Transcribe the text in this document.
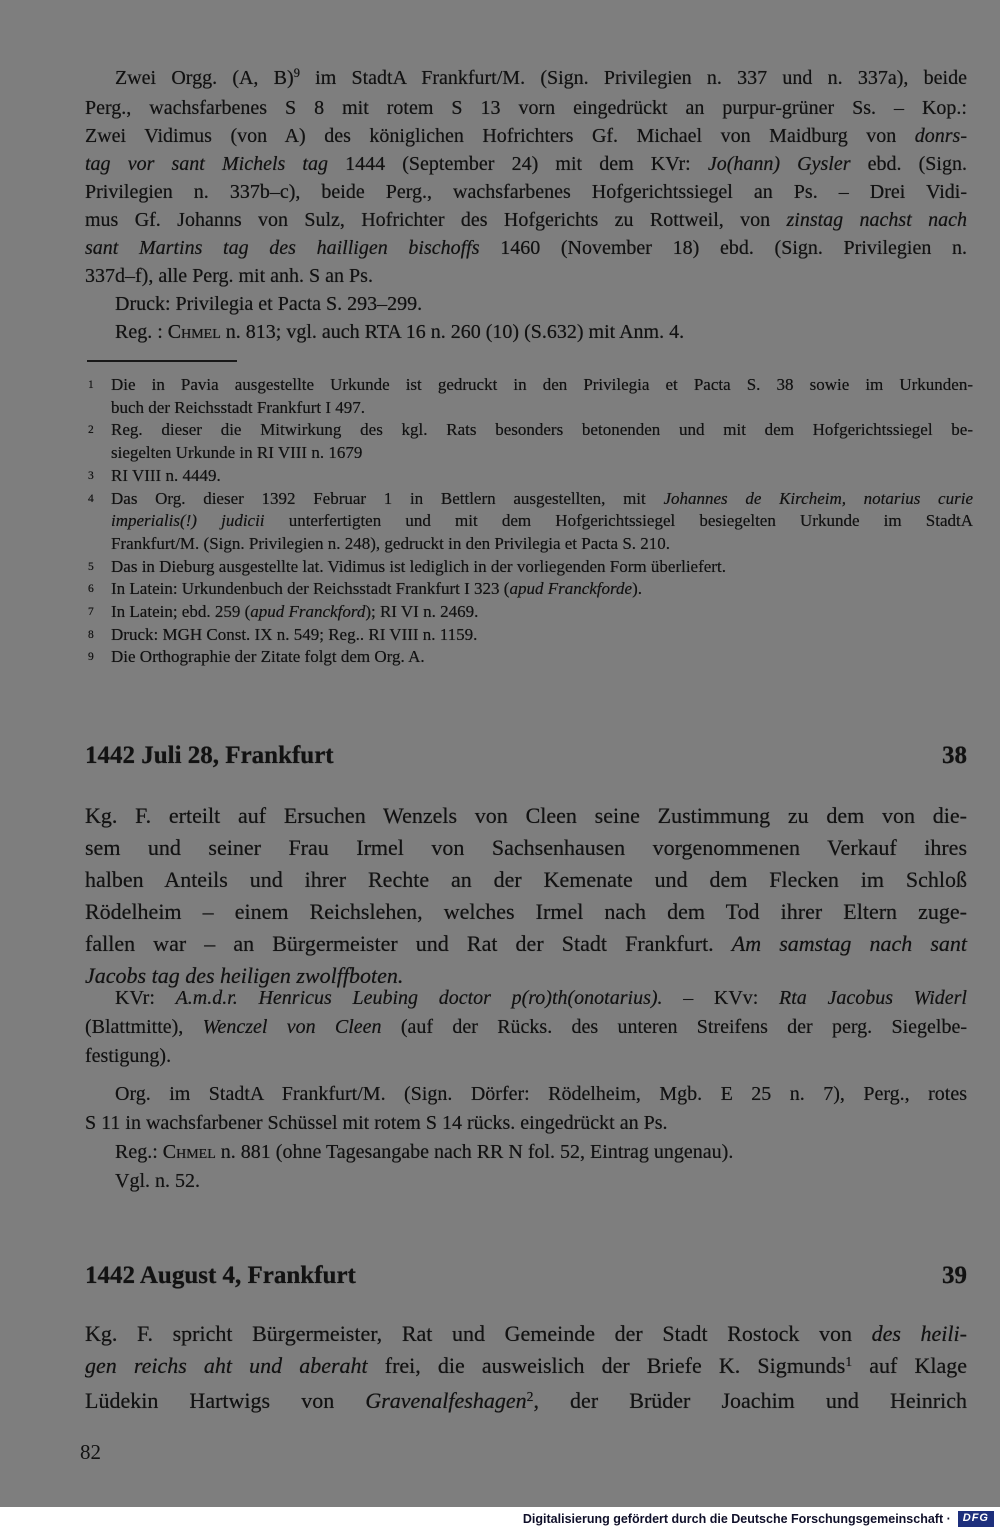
Zwei Orgg. (A, B)$^9$ im StadtA Frankfurt/M. (Sign. Privilegien n. 337 und n. 337a), beide
Perg., wachsfarbenes S 8 mit rotem S 13 vorn eingedrückt an purpur-grüner Ss. – Kop.:
Zwei Vidimus (von A) des königlichen Hofrichters Gf. Michael von Maidburg von donrs-
tag vor sant Michels tag 1444 (September 24) mit dem KVr: Jo(hann) Gysler ebd. (Sign.
Privilegien n. 337b–c), beide Perg., wachsfarbenes Hofgerichtssiegel an Ps. – Drei Vidi-
mus Gf. Johanns von Sulz, Hofrichter des Hofgerichts zu Rottweil, von zinstag nachst nach
sant Martins tag des hailligen bischoffs 1460 (November 18) ebd. (Sign. Privilegien n.
337d–f), alle Perg. mit anh. S an Ps.
Druck: Privilegia et Pacta S. 293–299.
Reg. : Chmel n. 813; vgl. auch RTA 16 n. 260 (10) (S.632) mit Anm. 4.
1 Die in Pavia ausgestellte Urkunde ist gedruckt in den Privilegia et Pacta S. 38 sowie im Urkunden-
buch der Reichsstadt Frankfurt I 497.
2 Reg. dieser die Mitwirkung des kgl. Rats besonders betonenden und mit dem Hofgerichtssiegel be-
siegelten Urkunde in RI VIII n. 1679
3 RI VIII n. 4449.
4 Das Org. dieser 1392 Februar 1 in Bettlern ausgestellten, mit Johannes de Kircheim, notarius curie
imperialis(!) judicii unterfertigten und mit dem Hofgerichtssiegel besiegelten Urkunde im StadtA
Frankfurt/M. (Sign. Privilegien n. 248), gedruckt in den Privilegia et Pacta S. 210.
5 Das in Dieburg ausgestellte lat. Vidimus ist lediglich in der vorliegenden Form überliefert.
6 In Latein: Urkundenbuch der Reichsstadt Frankfurt I 323 (apud Franckforde).
7 In Latein; ebd. 259 (apud Franckford); RI VI n. 2469.
8 Druck: MGH Const. IX n. 549; Reg.. RI VIII n. 1159.
9 Die Orthographie der Zitate folgt dem Org. A.
1442 Juli 28, Frankfurt	38
Kg. F. erteilt auf Ersuchen Wenzels von Cleen seine Zustimmung zu dem von die-
sem und seiner Frau Irmel von Sachsenhausen vorgenommenen Verkauf ihres
halben Anteils und ihrer Rechte an der Kemenate und dem Flecken im Schloß
Rödelheim – einem Reichslehen, welches Irmel nach dem Tod ihrer Eltern zuge-
fallen war – an Bürgermeister und Rat der Stadt Frankfurt. Am samstag nach sant
Jacobs tag des heiligen zwolffboten.
KVr: A.m.d.r. Henricus Leubing doctor p(ro)th(onotarius). – KVv: Rta Jacobus Widerl
(Blattmitte), Wenczel von Cleen (auf der Rücks. des unteren Streifens der perg. Siegelbe-
festigung).
Org. im StadtA Frankfurt/M. (Sign. Dörfer: Rödelheim, Mgb. E 25 n. 7), Perg., rotes
S 11 in wachsfarbener Schüssel mit rotem S 14 rücks. eingedrückt an Ps.
Reg.: Chmel n. 881 (ohne Tagesangabe nach RR N fol. 52, Eintrag ungenau).
Vgl. n. 52.
1442 August 4, Frankfurt	39
Kg. F. spricht Bürgermeister, Rat und Gemeinde der Stadt Rostock von des heili-
gen reichs aht und aberaht frei, die ausweislich der Briefe K. Sigmunds$^1$ auf Klage
Lüdekin Hartwigs von Gravenalfeshagen$^2$, der Brüder Joachim und Heinrich
82
Digitalisierung gefördert durch die Deutsche Forschungsgemeinschaft ·	DFG
